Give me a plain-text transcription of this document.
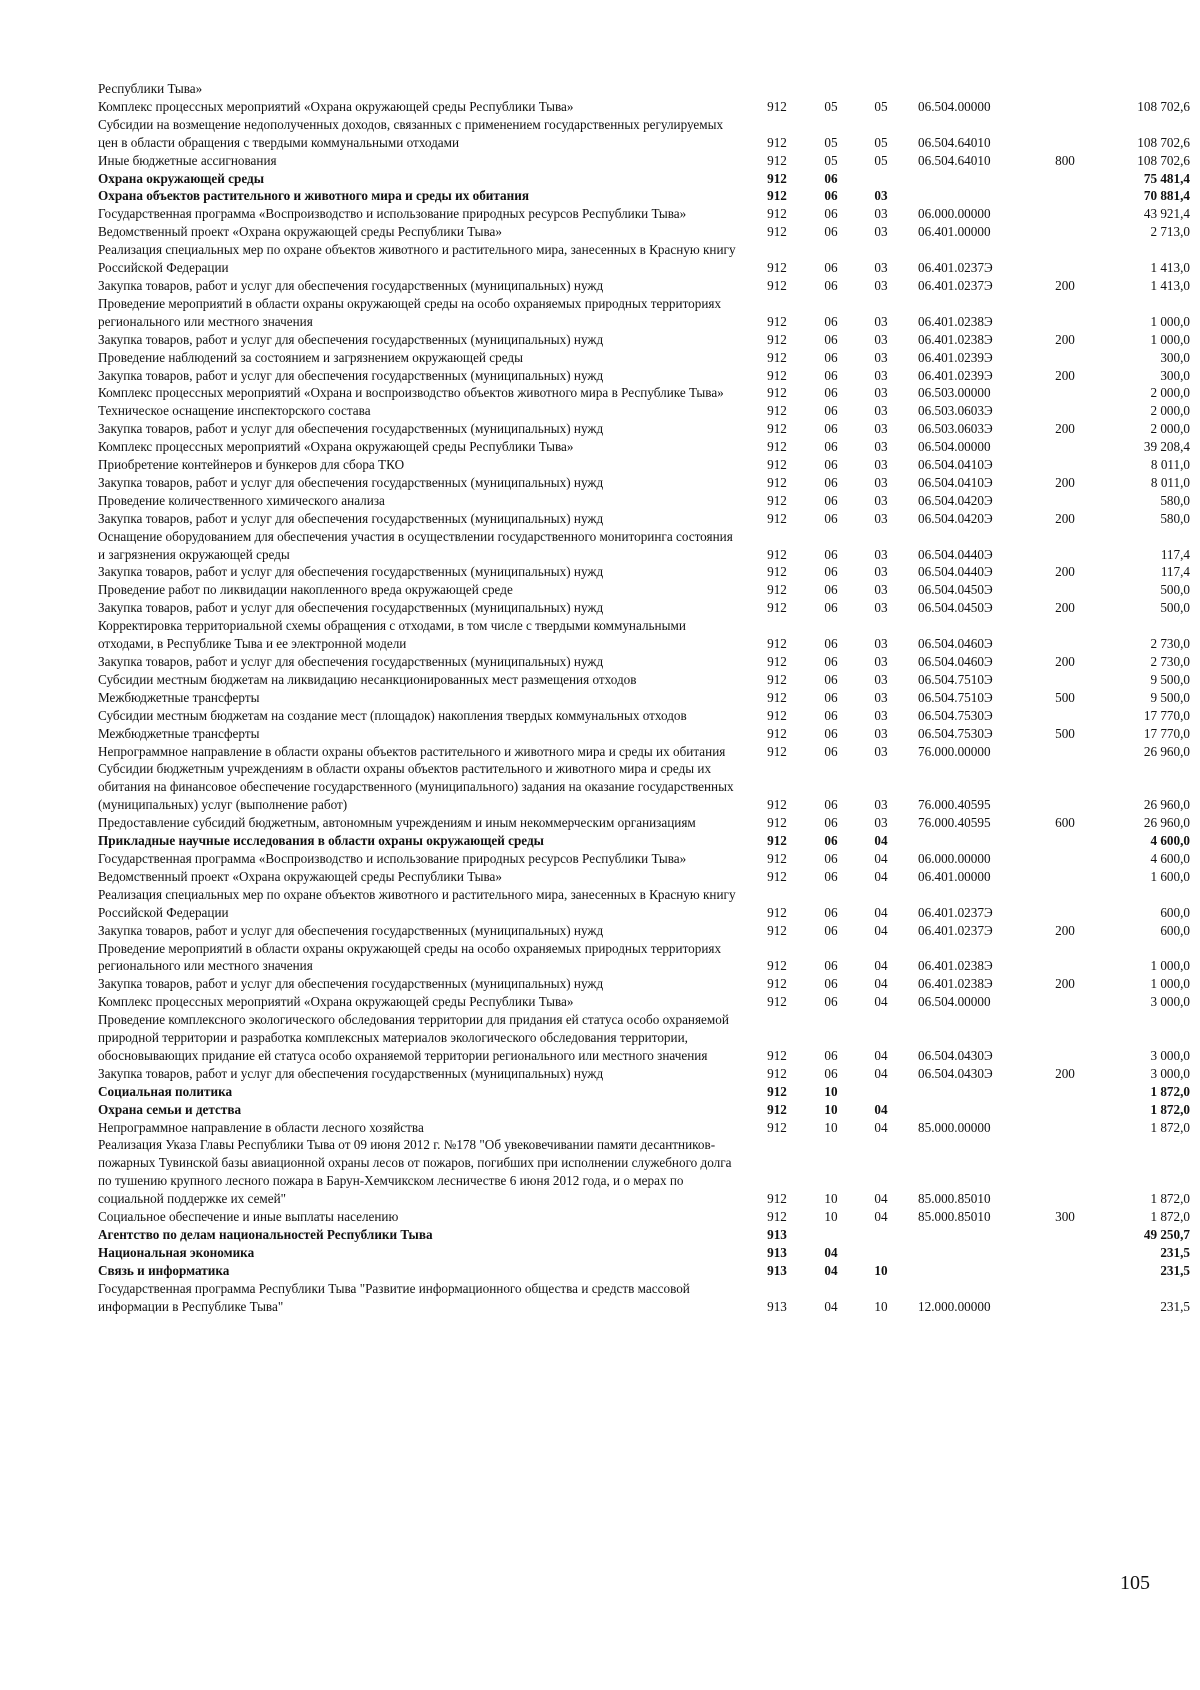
Республики Тыва»						
Комплекс процессных мероприятий «Охрана окружающей среды Республики Тыва»	912	05	05	06.504.00000		108 702,6
Субсидии на возмещение недополученных доходов, связанных с применением государственных регулируемых цен в области обращения с твердыми коммунальными отходами	912	05	05	06.504.64010		108 702,6
Иные бюджетные ассигнования	912	05	05	06.504.64010	800	108 702,6
Охрана окружающей среды	912	06				75 481,4
Охрана объектов растительного и животного мира и среды их обитания	912	06	03			70 881,4
Государственная программа «Воспроизводство и использование природных ресурсов Республики Тыва»	912	06	03	06.000.00000		43 921,4
Ведомственный проект «Охрана окружающей среды Республики Тыва»	912	06	03	06.401.00000		2 713,0
Реализация специальных мер по охране объектов животного и растительного мира, занесенных в Красную книгу Российской Федерации	912	06	03	06.401.0237Э		1 413,0
Закупка товаров, работ и услуг для обеспечения государственных (муниципальных) нужд	912	06	03	06.401.0237Э	200	1 413,0
Проведение мероприятий в области охраны окружающей среды на особо охраняемых природных территориях регионального или местного значения	912	06	03	06.401.0238Э		1 000,0
Закупка товаров, работ и услуг для обеспечения государственных (муниципальных) нужд	912	06	03	06.401.0238Э	200	1 000,0
Проведение наблюдений за состоянием и загрязнением окружающей среды	912	06	03	06.401.0239Э		300,0
Закупка товаров, работ и услуг для обеспечения государственных (муниципальных) нужд	912	06	03	06.401.0239Э	200	300,0
Комплекс процессных мероприятий «Охрана и воспроизводство объектов животного мира в Республике Тыва»	912	06	03	06.503.00000		2 000,0
Техническое оснащение инспекторского состава	912	06	03	06.503.0603Э		2 000,0
Закупка товаров, работ и услуг для обеспечения государственных (муниципальных) нужд	912	06	03	06.503.0603Э	200	2 000,0
Комплекс процессных мероприятий «Охрана окружающей среды Республики Тыва»	912	06	03	06.504.00000		39 208,4
Приобретение контейнеров и бункеров для сбора ТКО	912	06	03	06.504.0410Э		8 011,0
Закупка товаров, работ и услуг для обеспечения государственных (муниципальных) нужд	912	06	03	06.504.0410Э	200	8 011,0
Проведение количественного химического анализа	912	06	03	06.504.0420Э		580,0
Закупка товаров, работ и услуг для обеспечения государственных (муниципальных) нужд	912	06	03	06.504.0420Э	200	580,0
Оснащение оборудованием для обеспечения участия в осуществлении государственного мониторинга состояния и загрязнения окружающей среды	912	06	03	06.504.0440Э		117,4
Закупка товаров, работ и услуг для обеспечения государственных (муниципальных) нужд	912	06	03	06.504.0440Э	200	117,4
Проведение работ по ликвидации накопленного вреда окружающей среде	912	06	03	06.504.0450Э		500,0
Закупка товаров, работ и услуг для обеспечения государственных (муниципальных) нужд	912	06	03	06.504.0450Э	200	500,0
Корректировка территориальной схемы обращения с отходами, в том числе с твердыми коммунальными отходами, в Республике Тыва и ее электронной модели	912	06	03	06.504.0460Э		2 730,0
Закупка товаров, работ и услуг для обеспечения государственных (муниципальных) нужд	912	06	03	06.504.0460Э	200	2 730,0
Субсидии местным бюджетам на ликвидацию несанкционированных мест размещения отходов	912	06	03	06.504.7510Э		9 500,0
Межбюджетные трансферты	912	06	03	06.504.7510Э	500	9 500,0
Субсидии местным бюджетам на создание мест (площадок) накопления твердых коммунальных отходов	912	06	03	06.504.7530Э		17 770,0
Межбюджетные трансферты	912	06	03	06.504.7530Э	500	17 770,0
Непрограммное направление в области охраны объектов растительного и животного мира и среды их обитания	912	06	03	76.000.00000		26 960,0
Субсидии бюджетным учреждениям в области охраны объектов растительного и животного мира и среды их обитания на финансовое обеспечение государственного (муниципального) задания на оказание государственных (муниципальных) услуг (выполнение работ)	912	06	03	76.000.40595		26 960,0
Предоставление субсидий бюджетным, автономным учреждениям и иным некоммерческим организациям	912	06	03	76.000.40595	600	26 960,0
Прикладные научные исследования в области охраны окружающей среды	912	06	04			4 600,0
Государственная программа «Воспроизводство и использование природных ресурсов Республики Тыва»	912	06	04	06.000.00000		4 600,0
Ведомственный проект «Охрана окружающей среды Республики Тыва»	912	06	04	06.401.00000		1 600,0
Реализация специальных мер по охране объектов животного и растительного мира, занесенных в Красную книгу Российской Федерации	912	06	04	06.401.0237Э		600,0
Закупка товаров, работ и услуг для обеспечения государственных (муниципальных) нужд	912	06	04	06.401.0237Э	200	600,0
Проведение мероприятий в области охраны окружающей среды на особо охраняемых природных территориях регионального или местного значения	912	06	04	06.401.0238Э		1 000,0
Закупка товаров, работ и услуг для обеспечения государственных (муниципальных) нужд	912	06	04	06.401.0238Э	200	1 000,0
Комплекс процессных мероприятий «Охрана окружающей среды Республики Тыва»	912	06	04	06.504.00000		3 000,0
Проведение комплексного экологического обследования территории для придания ей статуса особо охраняемой природной территории и разработка комплексных материалов экологического обследования территории, обосновывающих придание ей статуса особо охраняемой территории регионального или местного значения	912	06	04	06.504.0430Э		3 000,0
Закупка товаров, работ и услуг для обеспечения государственных (муниципальных) нужд	912	06	04	06.504.0430Э	200	3 000,0
Социальная политика	912	10				1 872,0
Охрана семьи и детства	912	10	04			1 872,0
Непрограммное направление в области лесного хозяйства	912	10	04	85.000.00000		1 872,0
Реализация Указа Главы Республики Тыва от 09 июня 2012 г. №178 "Об увековечивании памяти десантников-пожарных Тувинской базы авиационной охраны лесов от пожаров, погибших при исполнении служебного долга по тушению крупного лесного пожара в Барун-Хемчикском лесничестве 6 июня 2012 года, и о мерах по социальной поддержке их семей"	912	10	04	85.000.85010		1 872,0
Социальное обеспечение и иные выплаты населению	912	10	04	85.000.85010	300	1 872,0
Агентство по делам национальностей Республики Тыва	913					49 250,7
Национальная экономика	913	04				231,5
Связь и информатика	913	04	10			231,5
Государственная программа Республики Тыва "Развитие информационного общества и средств массовой информации в Республике Тыва"	913	04	10	12.000.00000		231,5
105
